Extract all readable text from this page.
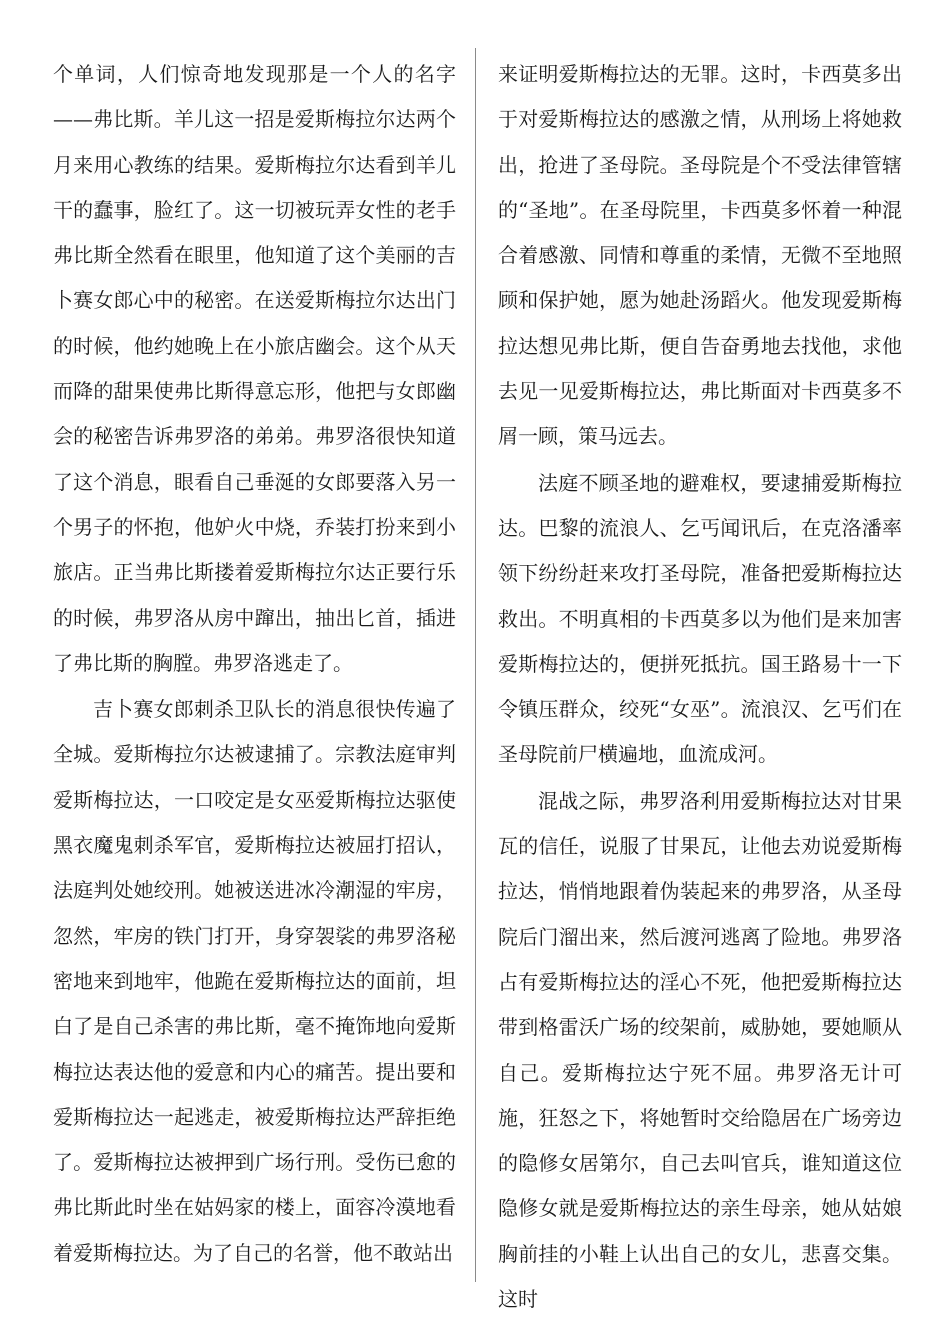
个单词，人们惊奇地发现那是一个人的名字——弗比斯。羊儿这一招是爱斯梅拉尔达两个月来用心教练的结果。爱斯梅拉尔达看到羊儿干的蠢事，脸红了。这一切被玩弄女性的老手弗比斯全然看在眼里，他知道了这个美丽的吉卜赛女郎心中的秘密。在送爱斯梅拉尔达出门的时候，他约她晚上在小旅店幽会。这个从天而降的甜果使弗比斯得意忘形，他把与女郎幽会的秘密告诉弗罗洛的弟弟。弗罗洛很快知道了这个消息，眼看自己垂涎的女郎要落入另一个男子的怀抱，他妒火中烧，乔装打扮来到小旅店。正当弗比斯搂着爱斯梅拉尔达正要行乐的时候，弗罗洛从房中蹿出，抽出匕首，插进了弗比斯的胸膛。弗罗洛逃走了。

吉卜赛女郎刺杀卫队长的消息很快传遍了全城。爱斯梅拉尔达被逮捕了。宗教法庭审判爱斯梅拉达，一口咬定是女巫爱斯梅拉达驱使黑衣魔鬼刺杀军官，爱斯梅拉达被屈打招认，法庭判处她绞刑。她被送进冰冷潮湿的牢房，忽然，牢房的铁门打开，身穿袈裟的弗罗洛秘密地来到地牢，他跪在爱斯梅拉达的面前，坦白了是自己杀害的弗比斯，毫不掩饰地向爱斯梅拉达表达他的爱意和内心的痛苦。提出要和爱斯梅拉达一起逃走，被爱斯梅拉达严辞拒绝了。爱斯梅拉达被押到广场行刑。受伤已愈的弗比斯此时坐在姑妈家的楼上，面容冷漠地看着爱斯梅拉达。为了自己的名誉，他不敢站出

来证明爱斯梅拉达的无罪。这时，卡西莫多出于对爱斯梅拉达的感激之情，从刑场上将她救出，抢进了圣母院。圣母院是个不受法律管辖的“圣地”。在圣母院里，卡西莫多怀着一种混合着感激、同情和尊重的柔情，无微不至地照顾和保护她，愿为她赴汤蹈火。他发现爱斯梅拉达想见弗比斯，便自告奋勇地去找他，求他去见一见爱斯梅拉达，弗比斯面对卡西莫多不屑一顾，策马远去。

法庭不顾圣地的避难权，要逮捕爱斯梅拉达。巴黎的流浪人、乞丐闻讯后，在克洛潘率领下纷纷赶来攻打圣母院，准备把爱斯梅拉达救出。不明真相的卡西莫多以为他们是来加害爱斯梅拉达的，便拼死抵抗。国王路易十一下令镇压群众，绞死“女巫”。流浪汉、乞丐们在圣母院前尸横遍地，血流成河。

混战之际，弗罗洛利用爱斯梅拉达对甘果瓦的信任，说服了甘果瓦，让他去劝说爱斯梅拉达，悄悄地跟着伪装起来的弗罗洛，从圣母院后门溜出来，然后渡河逃离了险地。弗罗洛占有爱斯梅拉达的淫心不死，他把爱斯梅拉达带到格雷沃广场的绞架前，威胁她，要她顺从自己。爱斯梅拉达宁死不屈。弗罗洛无计可施，狂怒之下，将她暂时交给隐居在广场旁边的隐修女居第尔，自己去叫官兵，谁知道这位隐修女就是爱斯梅拉达的亲生母亲，她从姑娘胸前挂的小鞋上认出自己的女儿，悲喜交集。这时
